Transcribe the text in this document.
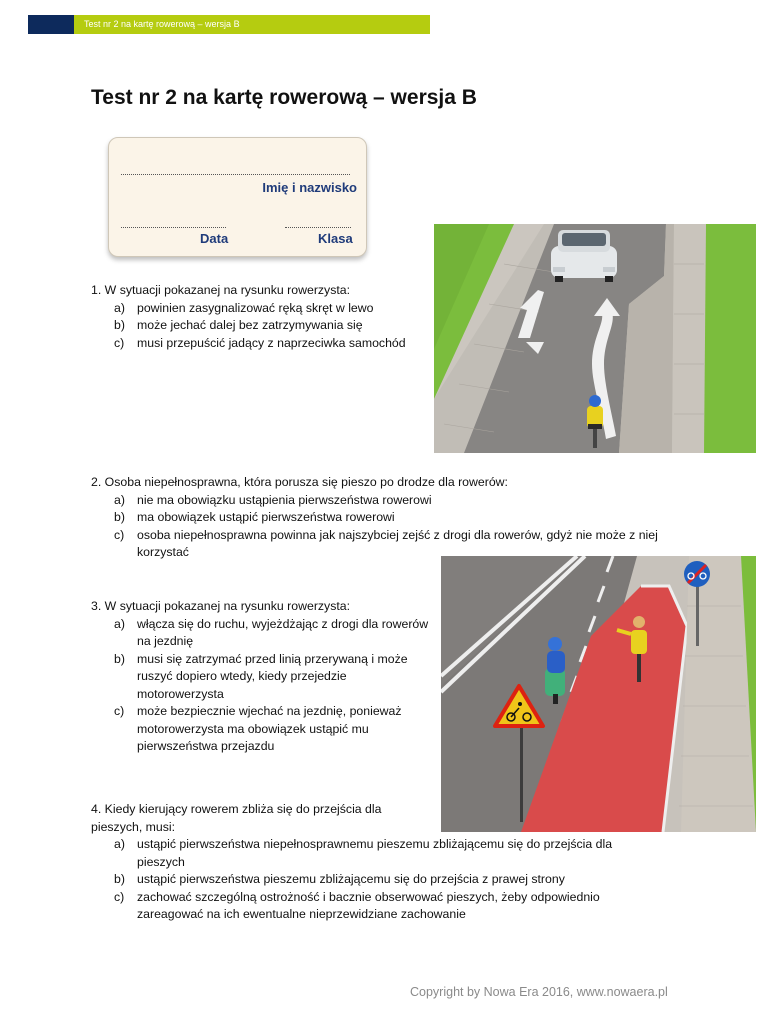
Test nr 2 na kartę rowerową – wersja B
Test nr 2 na kartę rowerową – wersja B
Imię i nazwisko
Data	Klasa
1. W sytuacji pokazanej na rysunku rowerzysta:
a) powinien zasygnalizować ręką skręt w lewo
b) może jechać dalej bez zatrzymywania się
c) musi przepuścić jadący z naprzeciwka samochód
2. Osoba niepełnosprawna, która porusza się pieszo po drodze dla rowerów:
a) nie ma obowiązku ustąpienia pierwszeństwa rowerowi
b) ma obowiązek ustąpić pierwszeństwa rowerowi
c) osoba niepełnosprawna powinna jak najszybciej zejść z drogi dla rowerów, gdyż nie może z niej korzystać
3. W sytuacji pokazanej na rysunku rowerzysta:
a) włącza się do ruchu, wyjeżdżając z drogi dla rowerów na jezdnię
b) musi się zatrzymać przed linią przerywaną i może ruszyć dopiero wtedy, kiedy przejedzie motorowerzysta
c) może bezpiecznie wjechać na jezdnię, ponieważ motorowerzysta ma obowiązek ustąpić mu pierwszeństwa przejazdu
4. Kiedy kierujący rowerem zbliża się do przejścia dla pieszych, musi:
a) ustąpić pierwszeństwa niepełnosprawnemu pieszemu zbliżającemu się do przejścia dla pieszych
b) ustąpić pierwszeństwa pieszemu zbliżającemu się do przejścia z prawej strony
c) zachować szczególną ostrożność i bacznie obserwować pieszych, żeby odpowiednio zareagować na ich ewentualne nieprzewidziane zachowanie
Copyright by Nowa Era 2016, www.nowaera.pl
